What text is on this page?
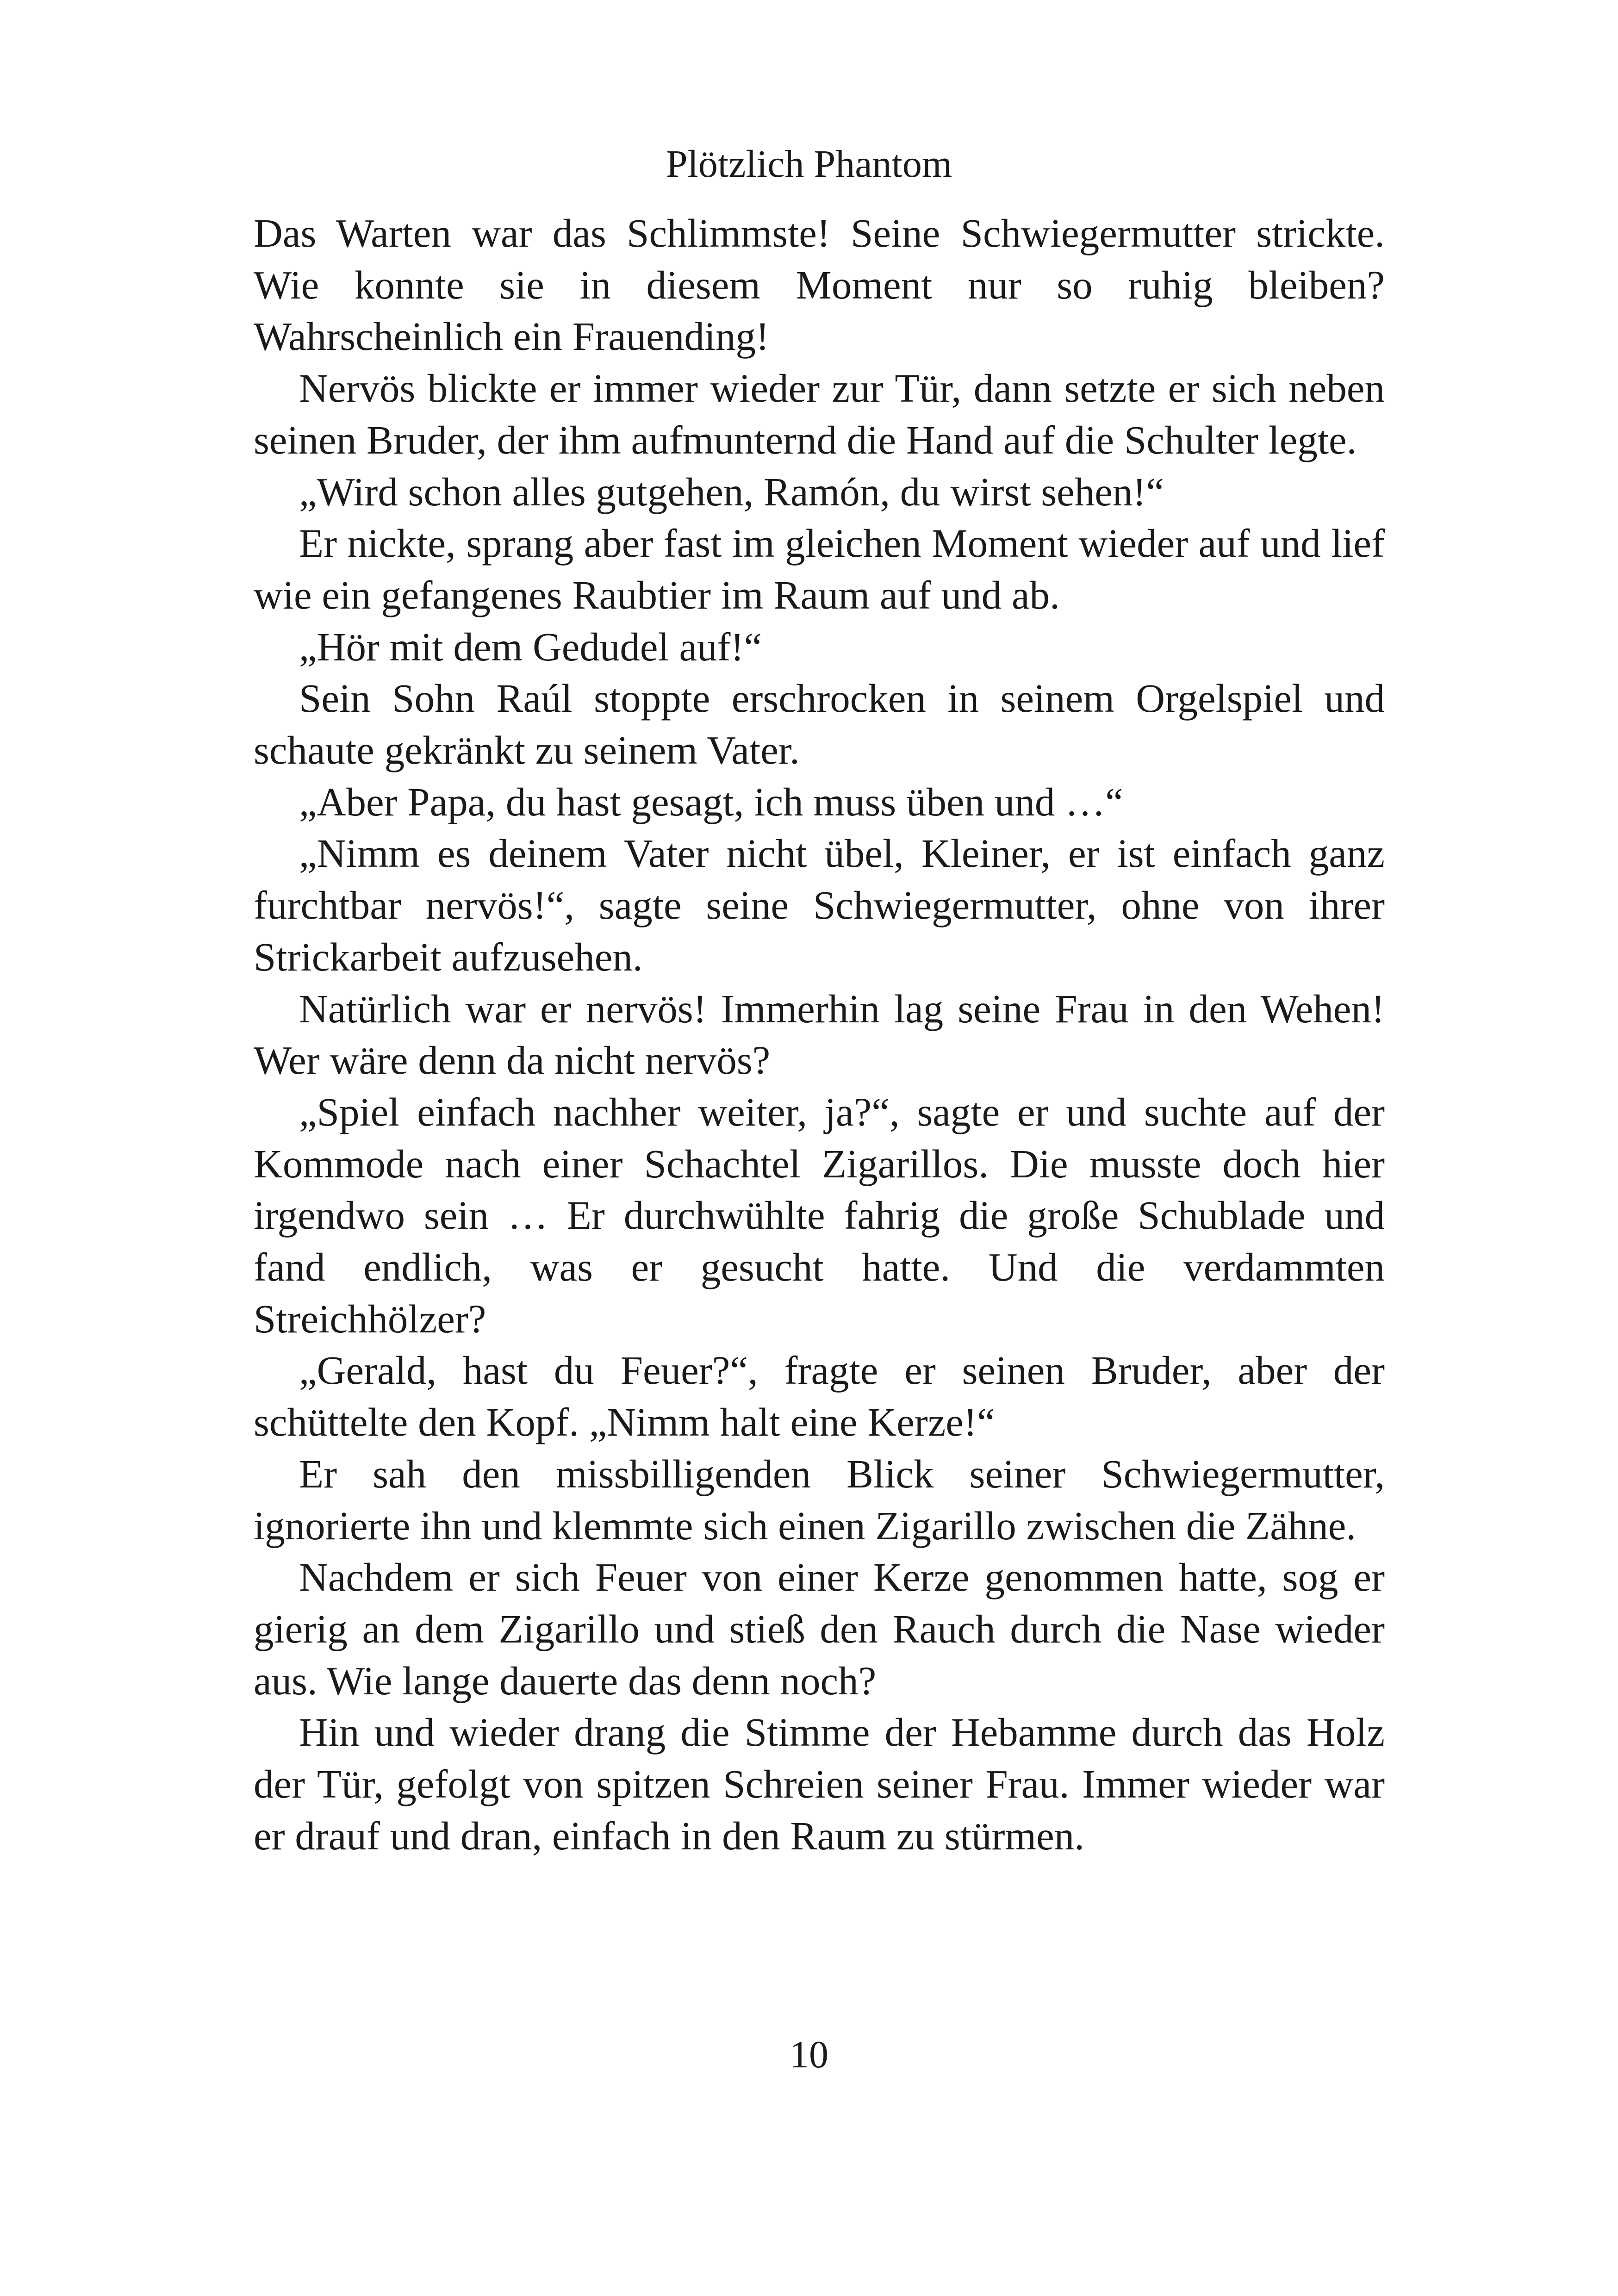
Plötzlich Phantom

Das Warten war das Schlimmste! Seine Schwiegermutter strickte. Wie konnte sie in diesem Moment nur so ruhig bleiben? Wahrscheinlich ein Frauending!

Nervös blickte er immer wieder zur Tür, dann setzte er sich neben seinen Bruder, der ihm aufmunternd die Hand auf die Schulter legte.

„Wird schon alles gutgehen, Ramón, du wirst sehen!“

Er nickte, sprang aber fast im gleichen Moment wieder auf und lief wie ein gefangenes Raubtier im Raum auf und ab.

„Hör mit dem Gedudel auf!“

Sein Sohn Raúl stoppte erschrocken in seinem Orgelspiel und schaute gekränkt zu seinem Vater.

„Aber Papa, du hast gesagt, ich muss üben und …“

„Nimm es deinem Vater nicht übel, Kleiner, er ist einfach ganz furchtbar nervös!“, sagte seine Schwiegermutter, ohne von ihrer Strickarbeit aufzusehen.

Natürlich war er nervös! Immerhin lag seine Frau in den Wehen! Wer wäre denn da nicht nervös?

„Spiel einfach nachher weiter, ja?“, sagte er und suchte auf der Kommode nach einer Schachtel Zigarillos. Die musste doch hier irgendwo sein … Er durchwühlte fahrig die große Schublade und fand endlich, was er gesucht hatte. Und die verdammten Streichhölzer?

„Gerald, hast du Feuer?“, fragte er seinen Bruder, aber der schüttelte den Kopf. „Nimm halt eine Kerze!“

Er sah den missbilligenden Blick seiner Schwiegermutter, ignorierte ihn und klemmte sich einen Zigarillo zwischen die Zähne.

Nachdem er sich Feuer von einer Kerze genommen hatte, sog er gierig an dem Zigarillo und stieß den Rauch durch die Nase wieder aus. Wie lange dauerte das denn noch?

Hin und wieder drang die Stimme der Hebamme durch das Holz der Tür, gefolgt von spitzen Schreien seiner Frau. Immer wieder war er drauf und dran, einfach in den Raum zu stürmen.

10
